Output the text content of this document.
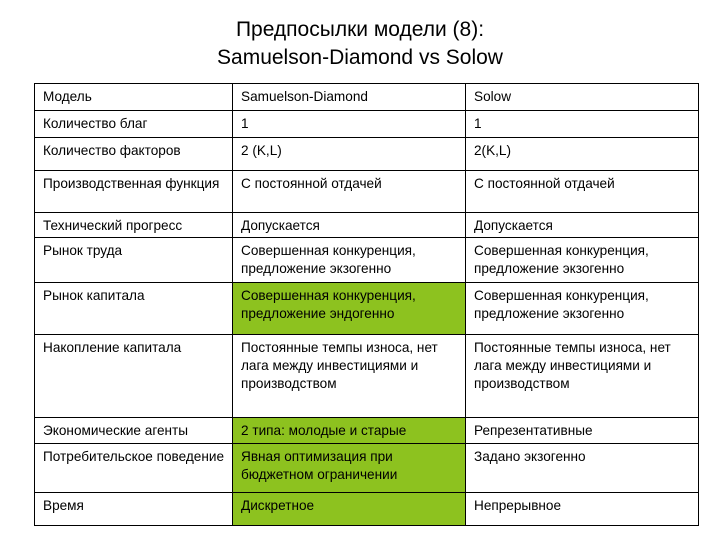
Предпосылки модели (8):
Samuelson-Diamond vs Solow
Модель	Samuelson-Diamond	Solow
Количество благ	1	1
Количество факторов	2 (K,L)	2(K,L)
Производственная функция	С постоянной отдачей	С постоянной отдачей
Технический прогресс	Допускается	Допускается
Рынок труда	Совершенная конкуренция, предложение экзогенно	Совершенная конкуренция, предложение экзогенно
Рынок капитала	Совершенная конкуренция, предложение эндогенно	Совершенная конкуренция, предложение экзогенно
Накопление капитала	Постоянные темпы износа, нет лага между инвестициями и производством	Постоянные темпы износа, нет лага между инвестициями и производством
Экономические агенты	2 типа: молодые и старые	Репрезентативные
Потребительское поведение	Явная оптимизация при бюджетном ограничении	Задано экзогенно
Время	Дискретное	Непрерывное
